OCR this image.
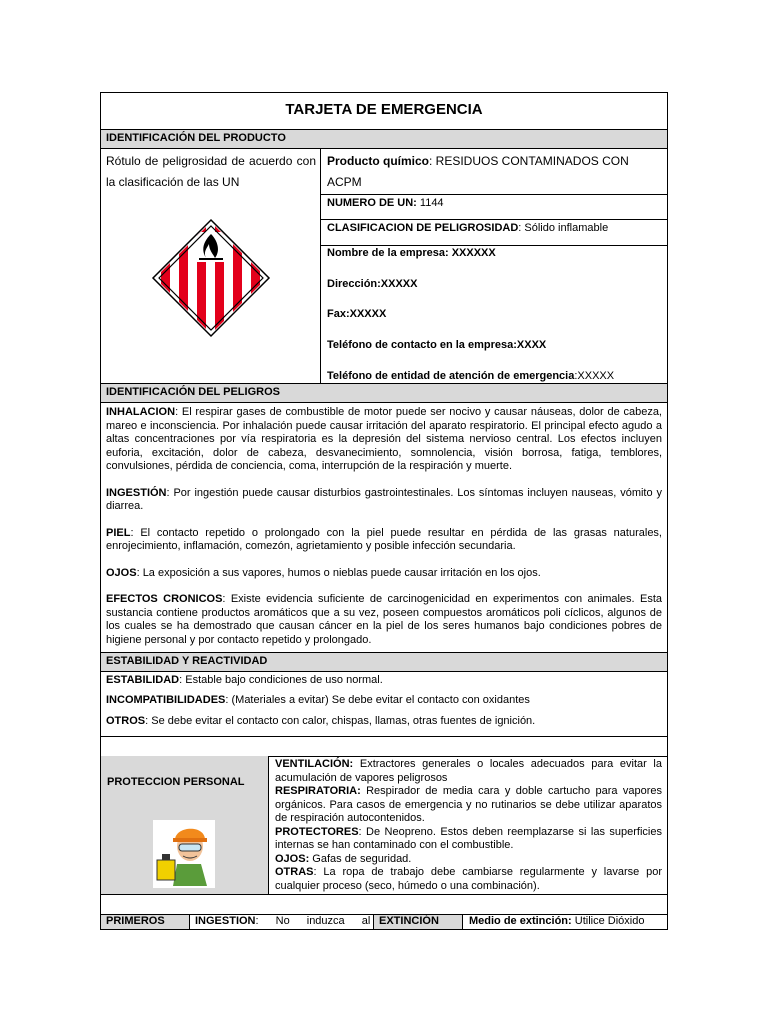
TARJETA DE EMERGENCIA
IDENTIFICACIÓN DEL PRODUCTO
Rótulo de peligrosidad de acuerdo con la clasificación de las UN
Producto químico: RESIDUOS CONTAMINADOS CON ACPM
NUMERO DE UN: 1144
CLASIFICACION DE PELIGROSIDAD: Sólido inflamable
Nombre de la empresa: XXXXXX
Dirección:XXXXX
Fax:XXXXX
Teléfono de contacto en la empresa:XXXX
Teléfono de entidad de atención de emergencia:XXXXX
IDENTIFICACIÓN DEL PELIGROS

INHALACION: El respirar gases de combustible de motor puede ser nocivo y causar náuseas, dolor de cabeza, mareo e inconsciencia. Por inhalación puede causar irritación del aparato respiratorio. El principal efecto agudo a altas concentraciones por vía respiratoria es la depresión del sistema nervioso central. Los efectos incluyen euforia, excitación, dolor de cabeza, desvanecimiento, somnolencia, visión borrosa, fatiga, temblores, convulsiones, pérdida de conciencia, coma, interrupción de la respiración y muerte.

INGESTIÓN: Por ingestión puede causar disturbios gastrointestinales. Los síntomas incluyen nauseas, vómito y diarrea.

PIEL: El contacto repetido o prolongado con la piel puede resultar en pérdida de las grasas naturales, enrojecimiento, inflamación, comezón, agrietamiento y posible infección secundaria.

OJOS: La exposición a sus vapores, humos o nieblas puede causar irritación en los ojos.

EFECTOS CRONICOS: Existe evidencia suficiente de carcinogenicidad en experimentos con animales. Esta sustancia contiene productos aromáticos que a su vez, poseen compuestos aromáticos poli cíclicos, algunos de los cuales se ha demostrado que causan cáncer en la piel de los seres humanos bajo condiciones pobres de higiene personal y por contacto repetido y prolongado.

ESTABILIDAD Y REACTIVIDAD
ESTABILIDAD: Estable bajo condiciones de uso normal.
INCOMPATIBILIDADES: (Materiales a evitar) Se debe evitar el contacto con oxidantes
OTROS: Se debe evitar el contacto con calor, chispas, llamas, otras fuentes de ignición.
PROTECCION PERSONAL

VENTILACIÓN: Extractores generales o locales adecuados para evitar la acumulación de vapores peligrosos

RESPIRATORIA: Respirador de media cara y doble cartucho para vapores orgánicos. Para casos de emergencia y no rutinarios se debe utilizar aparatos de respiración autocontenidos.

PROTECTORES: De Neopreno. Estos deben reemplazarse si las superficies internas se han contaminado con el combustible.

OJOS: Gafas de seguridad.

OTRAS: La ropa de trabajo debe cambiarse regularmente y lavarse por cualquier proceso (seco, húmedo o una combinación).

PRIMEROS	INGESTION: No induzca al EXTINCIÓN	Medio de extinción: Utilice Dióxido
